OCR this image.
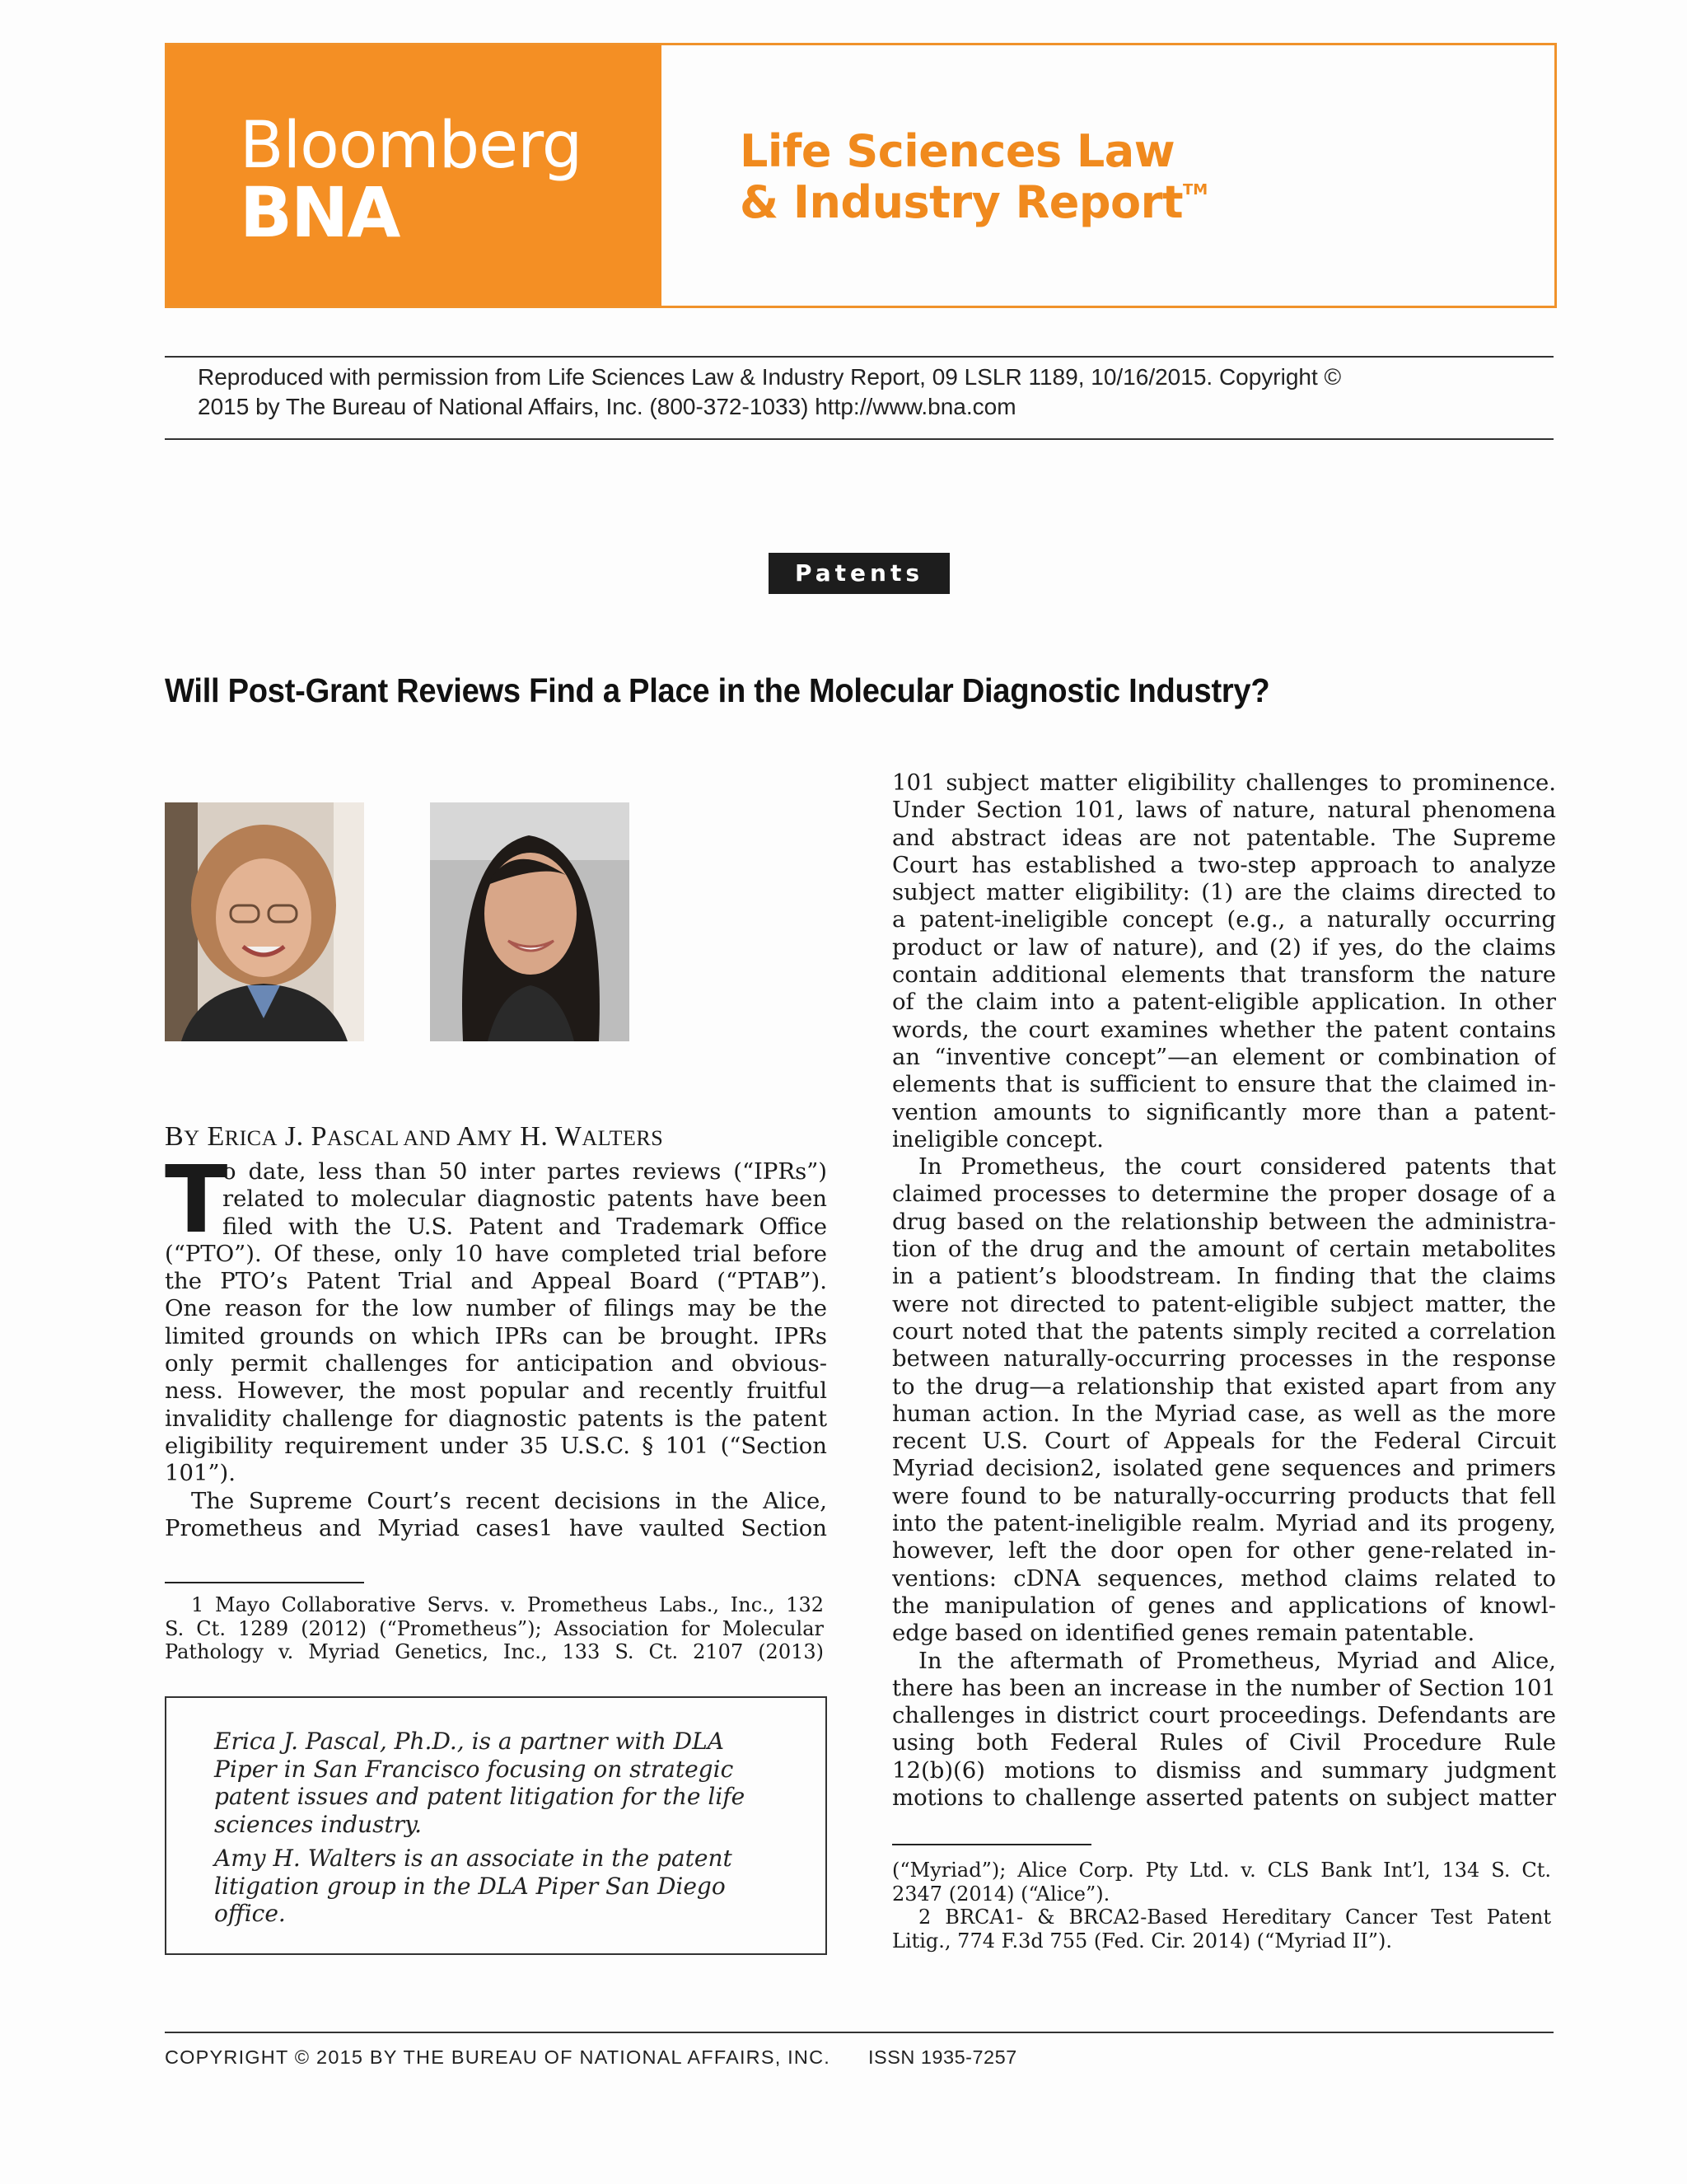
Bloomberg
BNA
Life Sciences Law
& Industry Report™
Reproduced with permission from Life Sciences Law & Industry Report, 09 LSLR 1189, 10/16/2015. Copyright ©
2015 by The Bureau of National Affairs, Inc. (800-372-1033) http://www.bna.com
Patents
Will Post-Grant Reviews Find a Place in the Molecular Diagnostic Industry?
BY ERICA J. PASCAL AND AMY H. WALTERS
T
o date, less than 50 inter partes reviews (“IPRs”)
related to molecular diagnostic patents have been
filed with the U.S. Patent and Trademark Office
(“PTO”). Of these, only 10 have completed trial before
the PTO’s Patent Trial and Appeal Board (“PTAB”).
One reason for the low number of filings may be the
limited grounds on which IPRs can be brought. IPRs
only permit challenges for anticipation and obvious-
ness. However, the most popular and recently fruitful
invalidity challenge for diagnostic patents is the patent
eligibility requirement under 35 U.S.C. § 101 (“Section
101”).
The Supreme Court’s recent decisions in the Alice,
Prometheus and Myriad cases1 have vaulted Section
1 Mayo Collaborative Servs. v. Prometheus Labs., Inc., 132
S. Ct. 1289 (2012) (“Prometheus”); Association for Molecular
Pathology v. Myriad Genetics, Inc., 133 S. Ct. 2107 (2013)
Erica J. Pascal, Ph.D., is a partner with DLA Piper in San Francisco focusing on strategic patent issues and patent litigation for the life sciences industry.
Amy H. Walters is an associate in the patent litigation group in the DLA Piper San Diego office.
101 subject matter eligibility challenges to prominence.
Under Section 101, laws of nature, natural phenomena
and abstract ideas are not patentable. The Supreme
Court has established a two-step approach to analyze
subject matter eligibility: (1) are the claims directed to
a patent-ineligible concept (e.g., a naturally occurring
product or law of nature), and (2) if yes, do the claims
contain additional elements that transform the nature
of the claim into a patent-eligible application. In other
words, the court examines whether the patent contains
an “inventive concept”—an element or combination of
elements that is sufficient to ensure that the claimed in-
vention amounts to significantly more than a patent-
ineligible concept.
In Prometheus, the court considered patents that
claimed processes to determine the proper dosage of a
drug based on the relationship between the administra-
tion of the drug and the amount of certain metabolites
in a patient’s bloodstream. In finding that the claims
were not directed to patent-eligible subject matter, the
court noted that the patents simply recited a correlation
between naturally-occurring processes in the response
to the drug—a relationship that existed apart from any
human action. In the Myriad case, as well as the more
recent U.S. Court of Appeals for the Federal Circuit
Myriad decision2, isolated gene sequences and primers
were found to be naturally-occurring products that fell
into the patent-ineligible realm. Myriad and its progeny,
however, left the door open for other gene-related in-
ventions: cDNA sequences, method claims related to
the manipulation of genes and applications of knowl-
edge based on identified genes remain patentable.
In the aftermath of Prometheus, Myriad and Alice,
there has been an increase in the number of Section 101
challenges in district court proceedings. Defendants are
using both Federal Rules of Civil Procedure Rule
12(b)(6) motions to dismiss and summary judgment
motions to challenge asserted patents on subject matter
(“Myriad”); Alice Corp. Pty Ltd. v. CLS Bank Int’l, 134 S. Ct.
2347 (2014) (“Alice”).
2 BRCA1- & BRCA2-Based Hereditary Cancer Test Patent
Litig., 774 F.3d 755 (Fed. Cir. 2014) (“Myriad II”).
COPYRIGHT © 2015 BY THE BUREAU OF NATIONAL AFFAIRS, INC. ISSN 1935-7257
